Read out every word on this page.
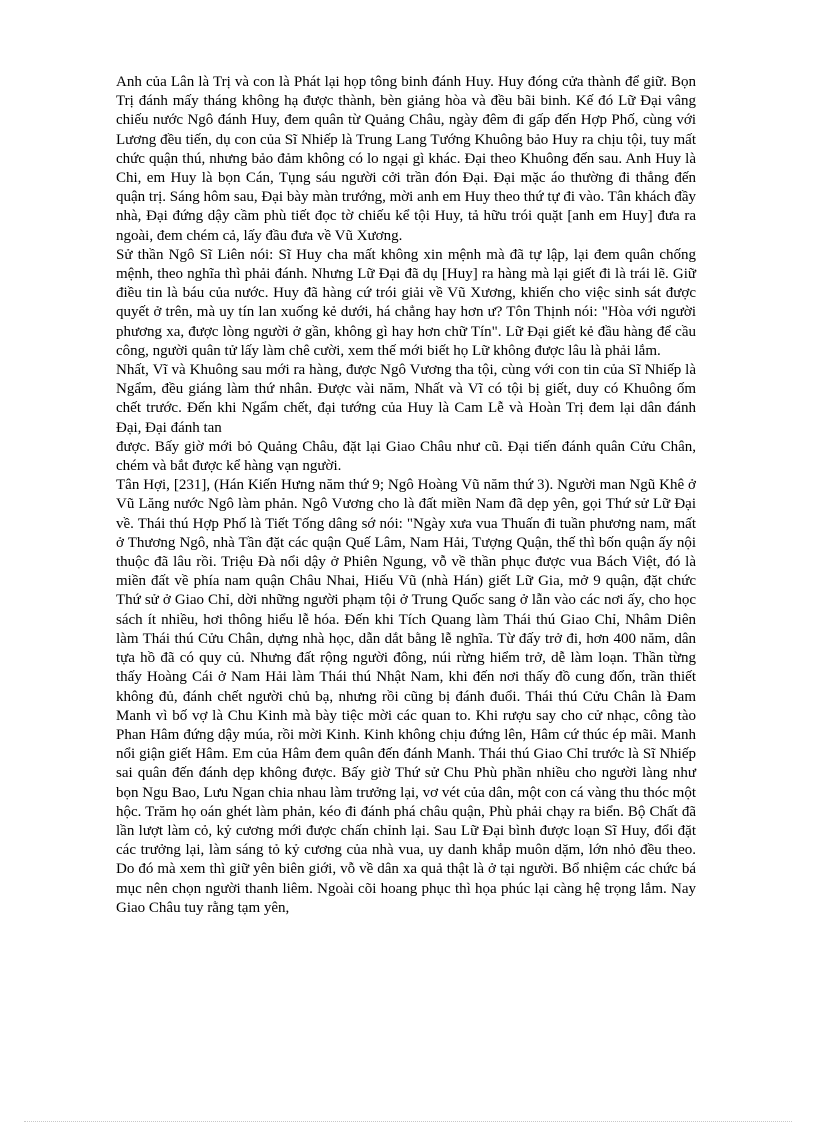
Anh của Lân là Trị và con là Phát lại họp tông binh đánh Huy. Huy đóng cửa thành để giữ. Bọn Trị đánh mấy tháng không hạ được thành, bèn giảng hòa và đều bãi binh. Kế đó Lữ Đại vâng chiếu nước Ngô đánh Huy, đem quân từ Quảng Châu, ngày đêm đi gấp đến Hợp Phố, cùng với Lương đều tiến, dụ con của Sĩ Nhiếp là Trung Lang Tướng Khuông bảo Huy ra chịu tội, tuy mất chức quận thú, nhưng bảo đảm không có lo ngại gì khác. Đại theo Khuông đến sau. Anh Huy là Chi, em Huy là bọn Cán, Tụng sáu người cởi trần đón Đại. Đại mặc áo thường đi thẳng đến quận trị. Sáng hôm sau, Đại bày màn trướng, mời anh em Huy theo thứ tự đi vào. Tân khách đầy nhà, Đại đứng dậy cầm phù tiết đọc tờ chiếu kể tội Huy, tả hữu trói quặt [anh em Huy] đưa ra ngoài, đem chém cả, lấy đầu đưa về Vũ Xương.

Sử thần Ngô Sĩ Liên nói: Sĩ Huy cha mất không xin mệnh mà đã tự lập, lại đem quân chống mệnh, theo nghĩa thì phải đánh. Nhưng Lữ Đại đã dụ [Huy] ra hàng mà lại giết đi là trái lẽ. Giữ điều tin là báu của nước. Huy đã hàng cứ trói giải về Vũ Xương, khiến cho việc sinh sát được quyết ở trên, mà uy tín lan xuống kẻ dưới, há chẳng hay hơn ư? Tôn Thịnh nói: "Hòa với người phương xa, được lòng người ở gần, không gì hay hơn chữ Tín". Lữ Đại giết kẻ đầu hàng để cầu công, người quân tử lấy làm chê cười, xem thế mới biết họ Lữ không được lâu là phải lắm.

Nhất, Vĩ và Khuông sau mới ra hàng, được Ngô Vương tha tội, cùng với con tin của Sĩ Nhiếp là Ngẩm, đều giáng làm thứ nhân. Được vài năm, Nhất và Vĩ có tội bị giết, duy có Khuông ốm chết trước. Đến khi Ngẩm chết, đại tướng của Huy là Cam Lễ và Hoàn Trị đem lại dân đánh Đại, Đại đánh tan

được. Bấy giờ mới bỏ Quảng Châu, đặt lại Giao Châu như cũ. Đại tiến đánh quân Cửu Chân, chém và bắt được kể hàng vạn người.

Tân Hợi, [231], (Hán Kiến Hưng năm thứ 9; Ngô Hoàng Vũ năm thứ 3). Người man Ngũ Khê ở Vũ Lăng nước Ngô làm phản. Ngô Vương cho là đất miền Nam đã dẹp yên, gọi Thứ sử Lữ Đại về. Thái thú Hợp Phố là Tiết Tống dâng sớ nói: "Ngày xưa vua Thuấn đi tuần phương nam, mất ở Thương Ngô, nhà Tần đặt các quận Quế Lâm, Nam Hải, Tượng Quận, thế thì bốn quận ấy nội thuộc đã lâu rồi. Triệu Đà nổi dậy ở Phiên Ngung, vỗ về thần phục được vua Bách Việt, đó là miền đất về phía nam quận Châu Nhai, Hiếu Vũ (nhà Hán) giết Lữ Gia, mở 9 quận, đặt chức Thứ sử ở Giao Chỉ, dời những người phạm tội ở Trung Quốc sang ở lẫn vào các nơi ấy, cho học sách ít nhiều, hơi thông hiểu lễ hóa. Đến khi Tích Quang làm Thái thú Giao Chỉ, Nhâm Diên làm Thái thú Cửu Chân, dựng nhà học, dẫn dắt bằng lễ nghĩa. Từ đấy trở đi, hơn 400 năm, dân tựa hồ đã có quy củ. Nhưng đất rộng người đông, núi rừng hiểm trở, dễ làm loạn. Thần từng thấy Hoàng Cái ở Nam Hải làm Thái thú Nhật Nam, khi đến nơi thấy đồ cung đốn, trần thiết không đủ, đánh chết người chủ bạ, nhưng rồi cũng bị đánh đuổi. Thái thú Cửu Chân là Đam Manh vì bố vợ là Chu Kinh mà bày tiệc mời các quan to. Khi rượu say cho cử nhạc, công tào Phan Hâm đứng dậy múa, rồi mời Kinh. Kinh không chịu đứng lên, Hâm cứ thúc ép mãi. Manh nổi giận giết Hâm. Em của Hâm đem quân đến đánh Manh. Thái thú Giao Chỉ trước là Sĩ Nhiếp sai quân đến đánh dẹp không được. Bấy giờ Thứ sử Chu Phù phần nhiều cho người làng như bọn Ngu Bao, Lưu Ngan chia nhau làm trưởng lại, vơ vét của dân, một con cá vàng thu thóc một hộc. Trăm họ oán ghét làm phản, kéo đi đánh phá châu quận, Phù phải chạy ra biển. Bộ Chất đã lần lượt làm cỏ, kỷ cương mới được chấn chỉnh lại. Sau Lữ Đại bình được loạn Sĩ Huy, đổi đặt các trưởng lại, làm sáng tỏ kỷ cương của nhà vua, uy danh khắp muôn dặm, lớn nhỏ đều theo. Do đó mà xem thì giữ yên biên giới, vỗ về dân xa quả thật là ở tại người. Bổ nhiệm các chức bá mục nên chọn người thanh liêm. Ngoài cõi hoang phục thì họa phúc lại càng hệ trọng lắm. Nay Giao Châu tuy rằng tạm yên,
